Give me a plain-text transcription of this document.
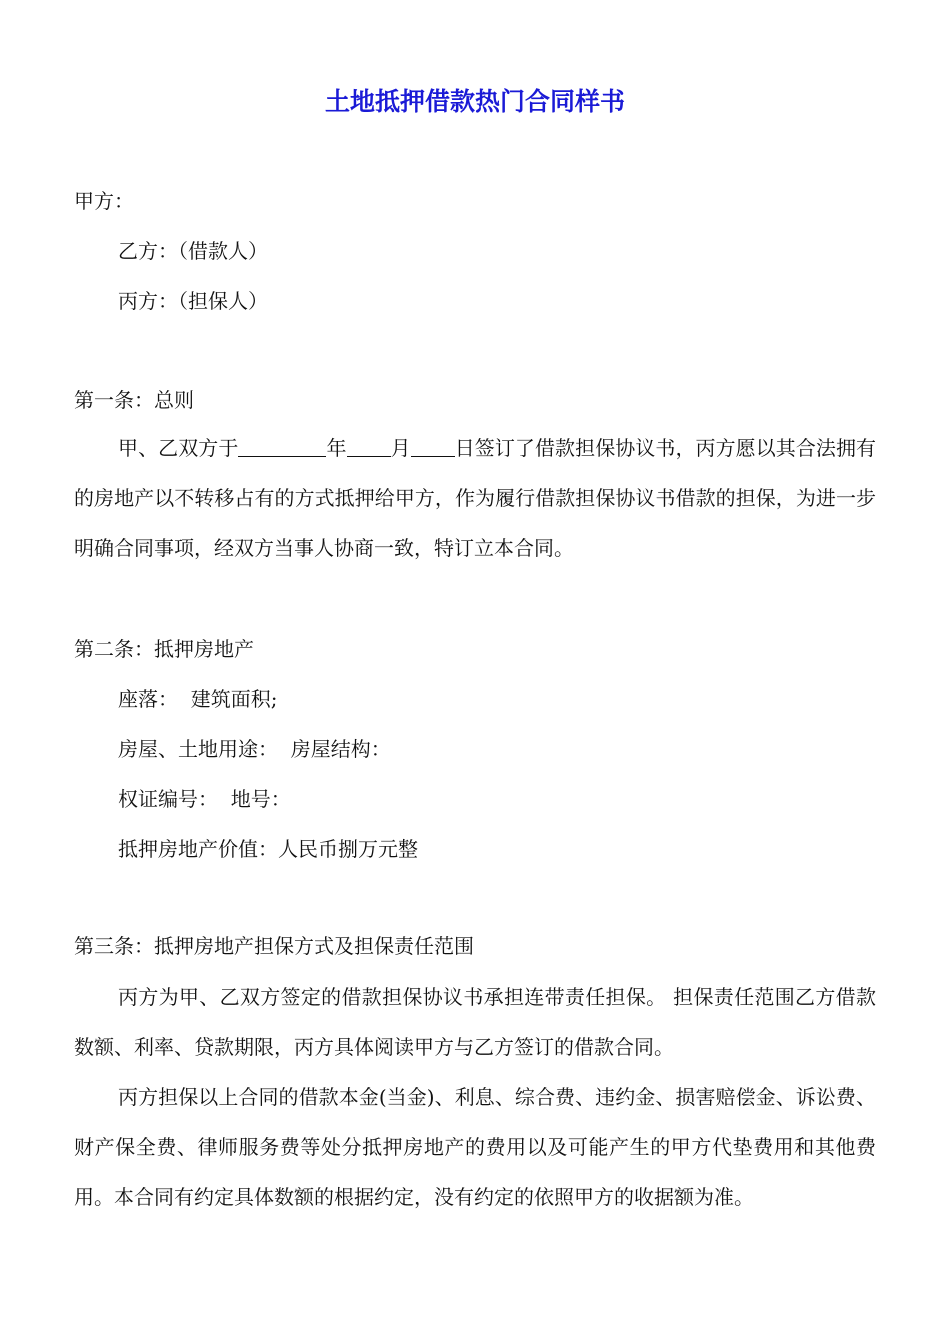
土地抵押借款热门合同样书
甲方：
乙方：（借款人）
丙方：（担保人）
第一条：总则
甲、乙双方于	年 月 日签订了借款担保协议书，丙方愿以其合法拥有的房地产以不转移占有的方式抵押给甲方，作为履行借款担保协议书借款的担保，为进一步明确合同事项，经双方当事人协商一致，特订立本合同。
第二条：抵押房地产
座落：  建筑面积;
房屋、土地用途：  房屋结构：
权证编号：  地号：
抵押房地产价值：人民币捌万元整
第三条：抵押房地产担保方式及担保责任范围
丙方为甲、乙双方签定的借款担保协议书承担连带责任担保。 担保责任范围乙方借款数额、利率、贷款期限，丙方具体阅读甲方与乙方签订的借款合同。
丙方担保以上合同的借款本金(当金)、利息、综合费、违约金、损害赔偿金、诉讼费、财产保全费、律师服务费等处分抵押房地产的费用以及可能产生的甲方代垫费用和其他费用。本合同有约定具体数额的根据约定，没有约定的依照甲方的收据额为准。
